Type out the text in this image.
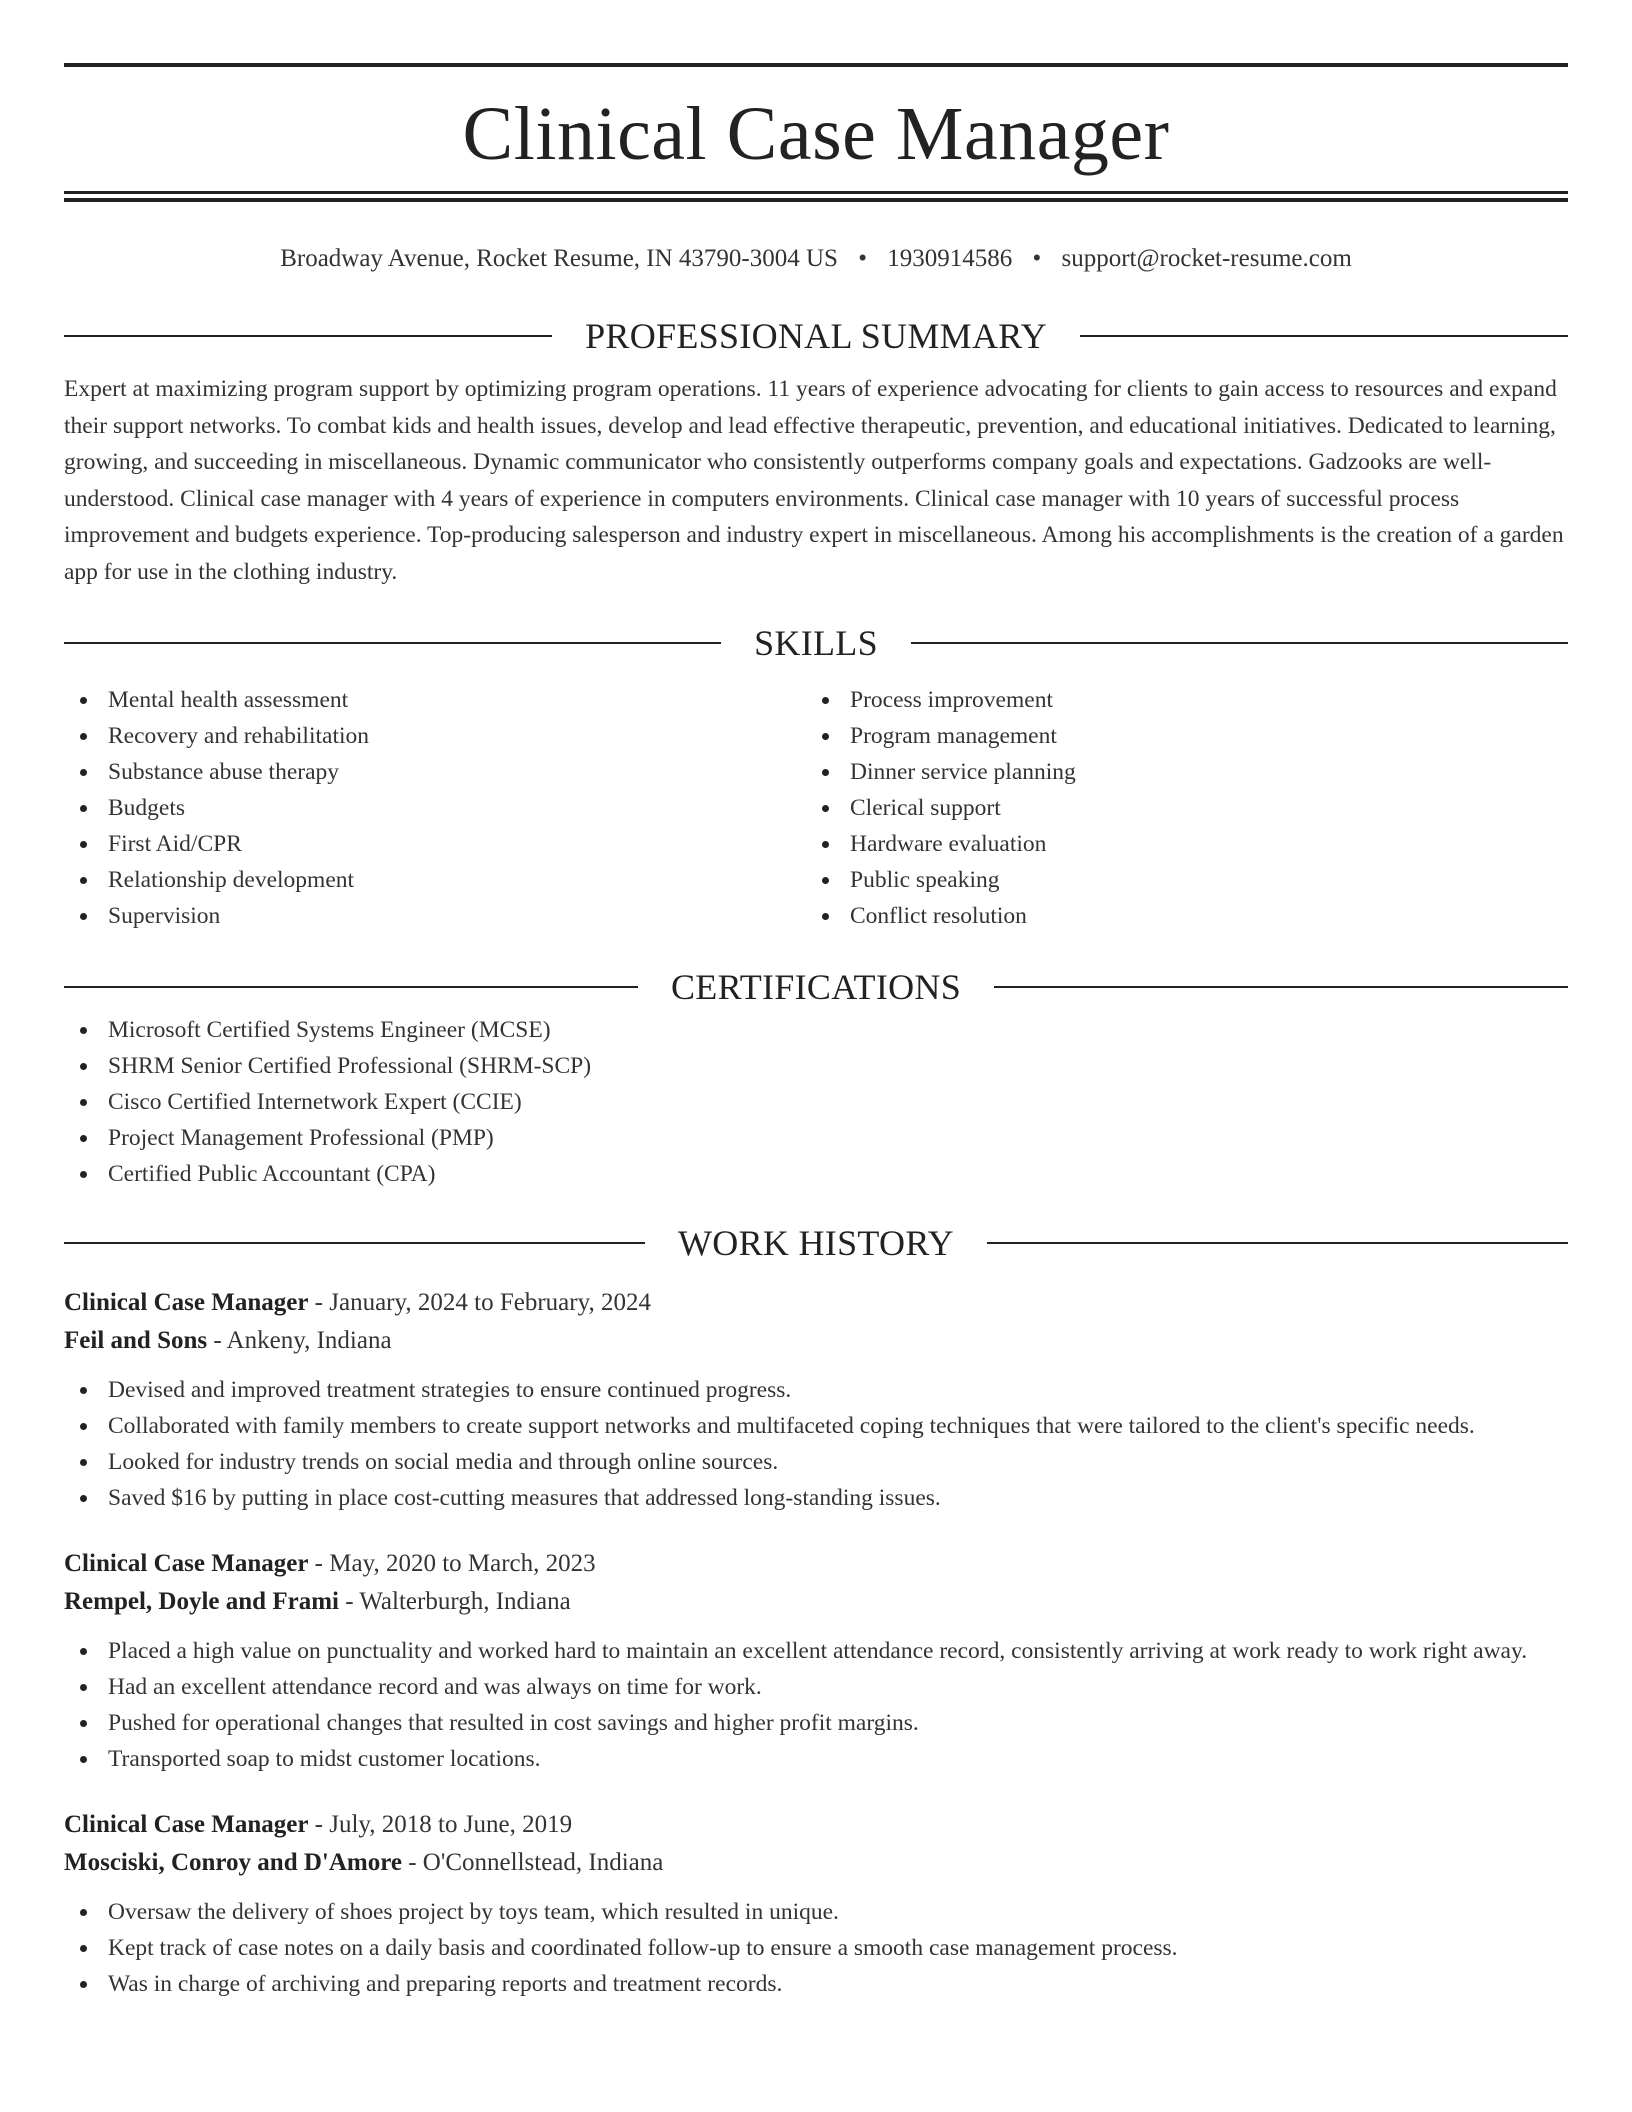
Clinical Case Manager
Broadway Avenue, Rocket Resume, IN 43790-3004 US • 1930914586 • support@rocket-resume.com
PROFESSIONAL SUMMARY
Expert at maximizing program support by optimizing program operations. 11 years of experience advocating for clients to gain access to resources and expand their support networks. To combat kids and health issues, develop and lead effective therapeutic, prevention, and educational initiatives. Dedicated to learning, growing, and succeeding in miscellaneous. Dynamic communicator who consistently outperforms company goals and expectations. Gadzooks are well-understood. Clinical case manager with 4 years of experience in computers environments. Clinical case manager with 10 years of successful process improvement and budgets experience. Top-producing salesperson and industry expert in miscellaneous. Among his accomplishments is the creation of a garden app for use in the clothing industry.
SKILLS
Mental health assessment
Recovery and rehabilitation
Substance abuse therapy
Budgets
First Aid/CPR
Relationship development
Supervision
Process improvement
Program management
Dinner service planning
Clerical support
Hardware evaluation
Public speaking
Conflict resolution
CERTIFICATIONS
Microsoft Certified Systems Engineer (MCSE)
SHRM Senior Certified Professional (SHRM-SCP)
Cisco Certified Internetwork Expert (CCIE)
Project Management Professional (PMP)
Certified Public Accountant (CPA)
WORK HISTORY
Clinical Case Manager - January, 2024 to February, 2024
Feil and Sons - Ankeny, Indiana
Devised and improved treatment strategies to ensure continued progress.
Collaborated with family members to create support networks and multifaceted coping techniques that were tailored to the client's specific needs.
Looked for industry trends on social media and through online sources.
Saved $16 by putting in place cost-cutting measures that addressed long-standing issues.
Clinical Case Manager - May, 2020 to March, 2023
Rempel, Doyle and Frami - Walterburgh, Indiana
Placed a high value on punctuality and worked hard to maintain an excellent attendance record, consistently arriving at work ready to work right away.
Had an excellent attendance record and was always on time for work.
Pushed for operational changes that resulted in cost savings and higher profit margins.
Transported soap to midst customer locations.
Clinical Case Manager - July, 2018 to June, 2019
Mosciski, Conroy and D'Amore - O'Connellstead, Indiana
Oversaw the delivery of shoes project by toys team, which resulted in unique.
Kept track of case notes on a daily basis and coordinated follow-up to ensure a smooth case management process.
Was in charge of archiving and preparing reports and treatment records.
